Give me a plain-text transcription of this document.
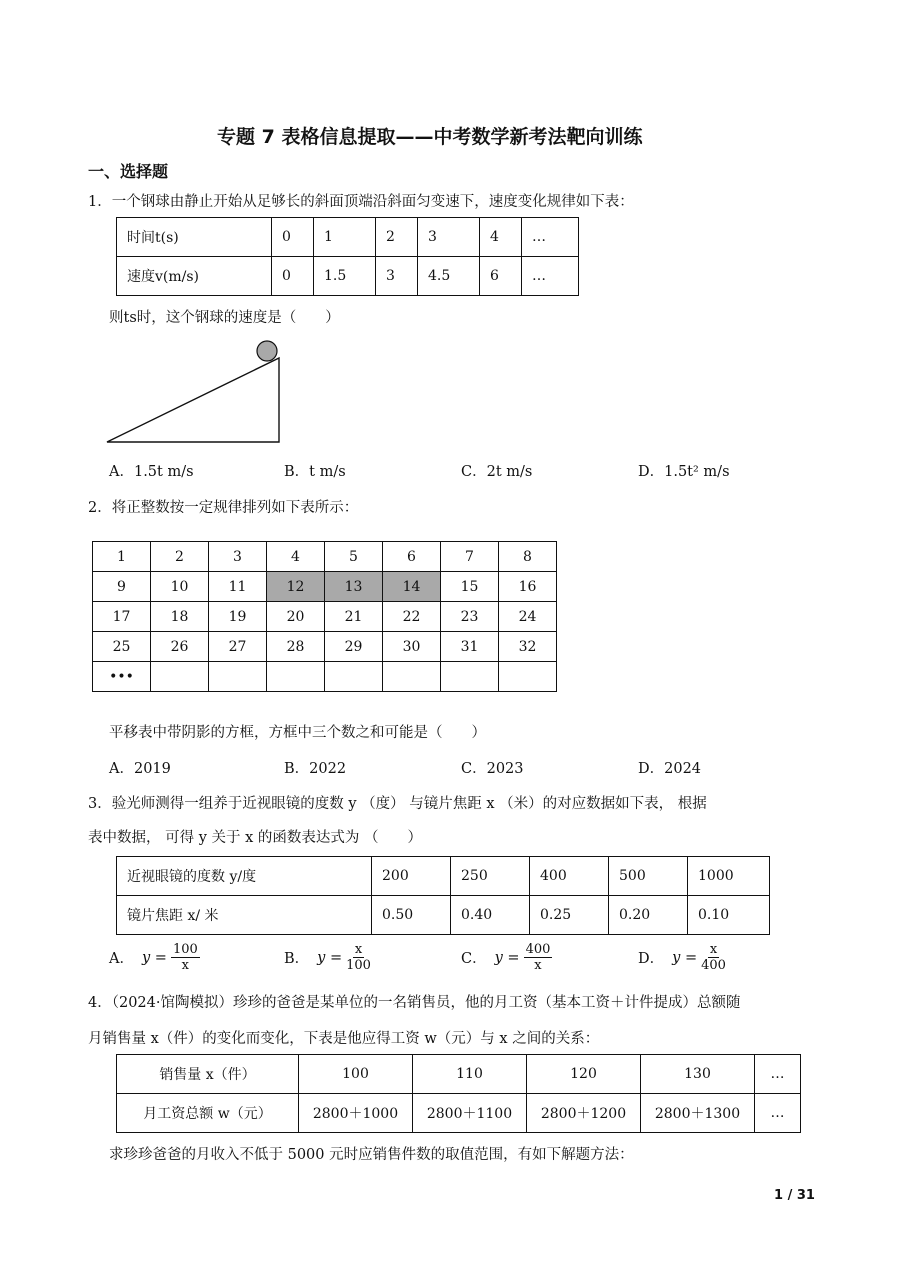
专题 7 表格信息提取——中考数学新考法靶向训练
一、选择题
1．一个钢球由静止开始从足够长的斜面顶端沿斜面匀变速下，速度变化规律如下表：
时间t(s)	0	1	2	3	4	…
速度v(m/s)	0	1.5	3	4.5	6	…
则ts时，这个钢球的速度是（　　）
A．1.5t m/s	B．t m/s	C．2t m/s	D．1.5t² m/s
2．将正整数按一定规律排列如下表所示：
1	2	3	4	5	6	7	8
9	10	11	12	13	14	15	16
17	18	19	20	21	22	23	24
25	26	27	28	29	30	31	32
•••							
平移表中带阴影的方框，方框中三个数之和可能是（　　）
A．2019	B．2022	C．2023	D．2024
3．验光师测得一组养于近视眼镜的度数 y （度） 与镜片焦距 x （米）的对应数据如下表， 根据
表中数据， 可得 y 关于 x 的函数表达式为 （　　）
近视眼镜的度数 y/度	200	250	400	500	1000
镜片焦距 x/ 米	0.50	0.40	0.25	0.20	0.10
A． $y = \frac{100}{x}$	B． $y = \frac{x}{100}$	C． $y = \frac{400}{x}$	D． $y = \frac{x}{400}$
4．（2024·馆陶模拟）珍珍的爸爸是某单位的一名销售员，他的月工资（基本工资＋计件提成）总额随
月销售量 x（件）的变化而变化，下表是他应得工资 w（元）与 x 之间的关系：
销售量 x（件）	100	110	120	130	…
月工资总额 w（元）	2800＋1000	2800＋1100	2800＋1200	2800＋1300	…
求珍珍爸爸的月收入不低于 5000 元时应销售件数的取值范围，有如下解题方法：
1 / 31
